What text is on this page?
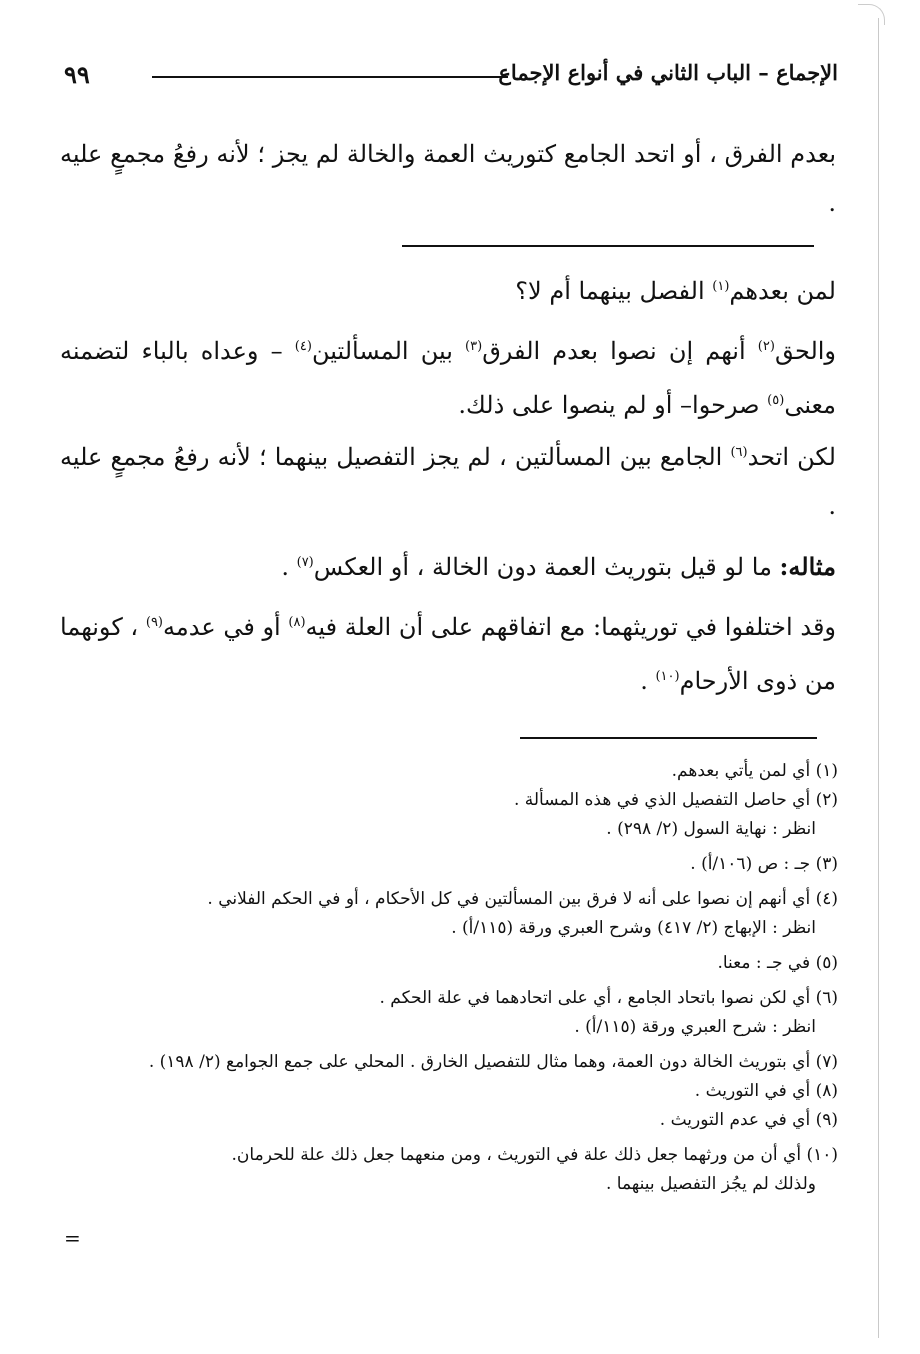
٩٩	الإجماع – الباب الثاني في أنواع الإجماع
بعدم الفرق ، أو اتحد الجامع كتوريث العمة والخالة لم يجز ؛ لأنه رفعُ مجمعٍ عليه .
لمن بعدهم$^{(١)}$ الفصل بينهما أم لا؟
والحق$^{(٢)}$ أنهم إن نصوا بعدم الفرق$^{(٣)}$ بين المسألتين$^{(٤)}$ – وعداه بالباء لتضمنه معنى$^{(٥)}$ صرحوا– أو لم ينصوا على ذلك.
لكن اتحد$^{(٦)}$ الجامع بين المسألتين ، لم يجز التفصيل بينهما ؛ لأنه رفعُ مجمعٍ عليه .
مثاله: ما لو قيل بتوريث العمة دون الخالة ، أو العكس$^{(٧)}$ .
وقد اختلفوا في توريثهما: مع اتفاقهم على أن العلة فيه$^{(٨)}$ أو في عدمه$^{(٩)}$ ، كونهما من ذوى الأرحام$^{(١٠)}$ .
(١) أي لمن يأتي بعدهم.
(٢) أي حاصل التفصيل الذي في هذه المسألة .
انظر : نهاية السول (٢/ ٢٩٨) .
(٣) جـ : ص (١٠٦/أ) .
(٤) أي أنهم إن نصوا على أنه لا فرق بين المسألتين في كل الأحكام ، أو في الحكم الفلاني .
انظر : الإبهاج (٢/ ٤١٧) وشرح العبري ورقة (١١٥/أ) .
(٥) في جـ : معنا.
(٦) أي لكن نصوا باتحاد الجامع ، أي على اتحادهما في علة الحكم .
انظر : شرح العبري ورقة (١١٥/أ) .
(٧) أي بتوريث الخالة دون العمة، وهما مثال للتفصيل الخارق . المحلي على جمع الجوامع (٢/ ١٩٨) .
(٨) أي في التوريث .
(٩) أي في عدم التوريث .
(١٠) أي أن من ورثهما جعل ذلك علة في التوريث ، ومن منعهما جعل ذلك علة للحرمان.
ولذلك لم يجُز التفصيل بينهما .
=
